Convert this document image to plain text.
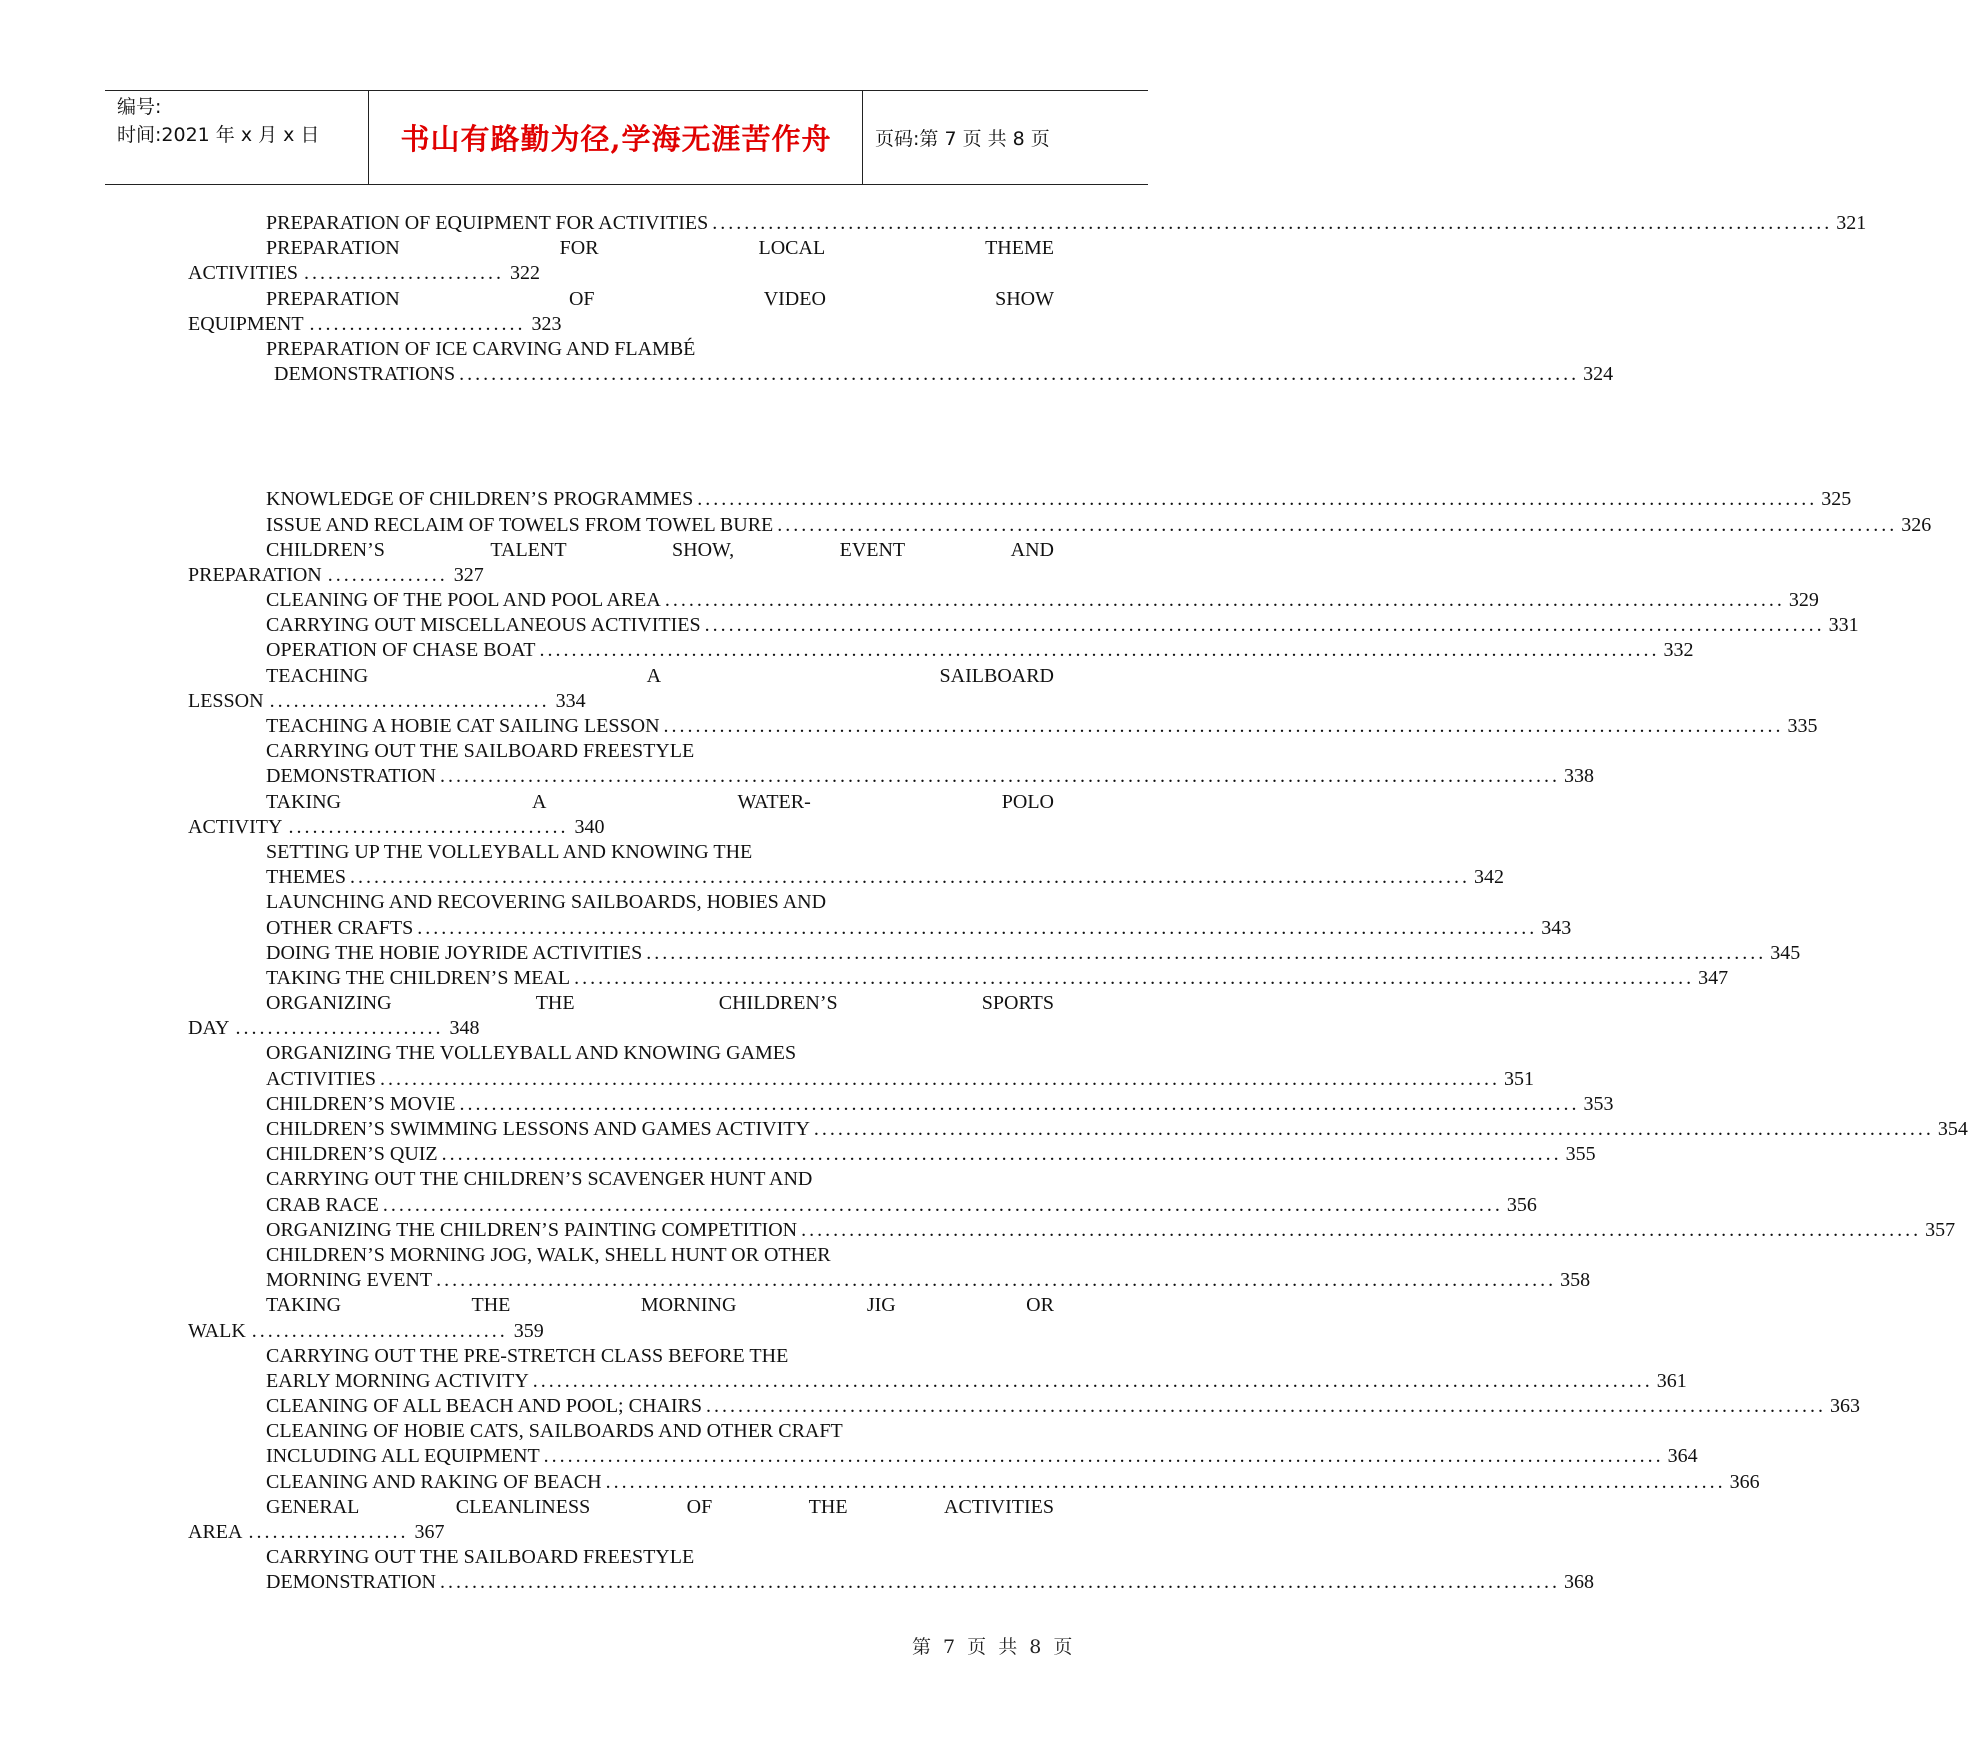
编号:
时间:2021 年 x 月 x 日	书山有路勤为径,学海无涯苦作舟	页码:第 7 页 共 8 页
PREPARATION OF EQUIPMENT FOR ACTIVITIES ............................................................................................................................................ 321
PREPARATION	FOR	LOCAL	THEME
ACTIVITIES ......................... 322
PREPARATION	OF	VIDEO	SHOW
EQUIPMENT ........................... 323
PREPARATION OF ICE CARVING AND FLAMBÉ
DEMONSTRATIONS ............................................................................................................................................ 324
KNOWLEDGE OF CHILDREN’S PROGRAMMES ............................................................................................................................................ 325
ISSUE AND RECLAIM OF TOWELS FROM TOWEL BURE ............................................................................................................................................ 326
CHILDREN’S	TALENT	SHOW,	EVENT	AND
PREPARATION ............... 327
CLEANING OF THE POOL AND POOL AREA ............................................................................................................................................ 329
CARRYING OUT MISCELLANEOUS ACTIVITIES ............................................................................................................................................ 331
OPERATION OF CHASE BOAT ............................................................................................................................................ 332
TEACHING	A	SAILBOARD
LESSON ................................... 334
TEACHING A HOBIE CAT SAILING LESSON ............................................................................................................................................ 335
CARRYING OUT THE SAILBOARD FREESTYLE
DEMONSTRATION ............................................................................................................................................ 338
TAKING	A	WATER-	POLO
ACTIVITY ................................... 340
SETTING UP THE VOLLEYBALL AND KNOWING THE
THEMES ............................................................................................................................................ 342
LAUNCHING AND RECOVERING SAILBOARDS, HOBIES AND
OTHER CRAFTS ............................................................................................................................................ 343
DOING THE HOBIE JOYRIDE ACTIVITIES ............................................................................................................................................ 345
TAKING THE CHILDREN’S MEAL ............................................................................................................................................ 347
ORGANIZING	THE	CHILDREN’S	SPORTS
DAY .......................... 348
ORGANIZING THE VOLLEYBALL AND KNOWING GAMES
ACTIVITIES ............................................................................................................................................ 351
CHILDREN’S MOVIE ............................................................................................................................................ 353
CHILDREN’S SWIMMING LESSONS AND GAMES ACTIVITY ............................................................................................................................................ 354
CHILDREN’S QUIZ ............................................................................................................................................ 355
CARRYING OUT THE CHILDREN’S SCAVENGER HUNT AND
CRAB RACE ............................................................................................................................................ 356
ORGANIZING THE CHILDREN’S PAINTING COMPETITION ............................................................................................................................................ 357
CHILDREN’S MORNING JOG, WALK, SHELL HUNT OR OTHER
MORNING EVENT ............................................................................................................................................ 358
TAKING	THE	MORNING	JIG	OR
WALK ................................ 359
CARRYING OUT THE PRE-STRETCH CLASS BEFORE THE
EARLY MORNING ACTIVITY ............................................................................................................................................ 361
CLEANING OF ALL BEACH AND POOL; CHAIRS ............................................................................................................................................ 363
CLEANING OF HOBIE CATS, SAILBOARDS AND OTHER CRAFT
INCLUDING ALL EQUIPMENT ............................................................................................................................................ 364
CLEANING AND RAKING OF BEACH ............................................................................................................................................ 366
GENERAL	CLEANLINESS	OF	THE	ACTIVITIES
AREA .................... 367
CARRYING OUT THE SAILBOARD FREESTYLE
DEMONSTRATION ............................................................................................................................................ 368
第 7 页 共 8 页
